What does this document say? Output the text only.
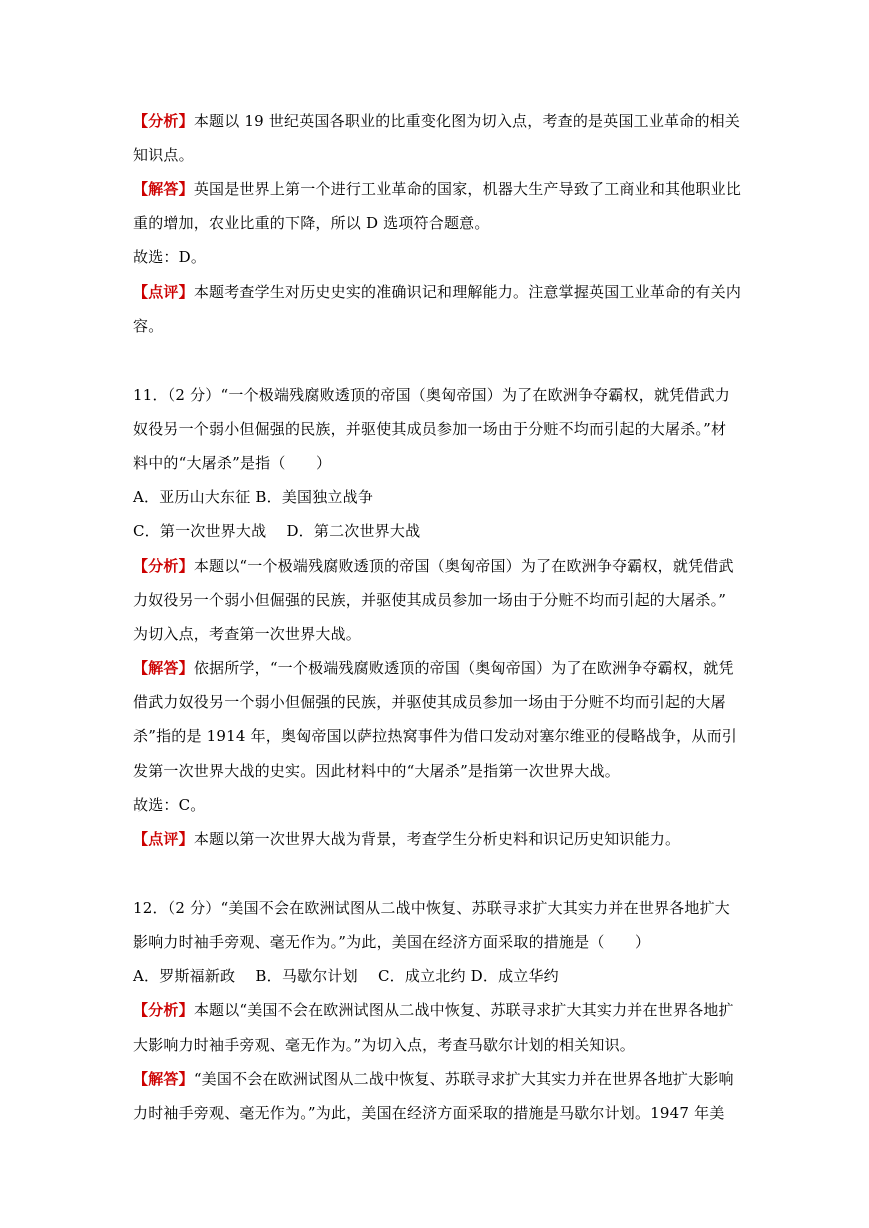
【分析】本题以 19 世纪英国各职业的比重变化图为切入点，考查的是英国工业革命的相关
知识点。
【解答】英国是世界上第一个进行工业革命的国家，机器大生产导致了工商业和其他职业比
重的增加，农业比重的下降，所以 D 选项符合题意。
故选：D。
【点评】本题考查学生对历史史实的准确识记和理解能力。注意掌握英国工业革命的有关内
容。
11．（2 分）“一个极端残腐败透顶的帝国（奥匈帝国）为了在欧洲争夺霸权，就凭借武力
奴役另一个弱小但倔强的民族，并驱使其成员参加一场由于分赃不均而引起的大屠杀。”材
料中的“大屠杀”是指（　　）
A．亚历山大东征 B．美国独立战争
C．第一次世界大战　 D．第二次世界大战
【分析】本题以“一个极端残腐败透顶的帝国（奥匈帝国）为了在欧洲争夺霸权，就凭借武
力奴役另一个弱小但倔强的民族，并驱使其成员参加一场由于分赃不均而引起的大屠杀。”
为切入点，考查第一次世界大战。
【解答】依据所学，“一个极端残腐败透顶的帝国（奥匈帝国）为了在欧洲争夺霸权，就凭
借武力奴役另一个弱小但倔强的民族，并驱使其成员参加一场由于分赃不均而引起的大屠
杀”指的是 1914 年，奥匈帝国以萨拉热窝事件为借口发动对塞尔维亚的侵略战争，从而引
发第一次世界大战的史实。因此材料中的“大屠杀”是指第一次世界大战。
故选：C。
【点评】本题以第一次世界大战为背景，考查学生分析史料和识记历史知识能力。
12．（2 分）“美国不会在欧洲试图从二战中恢复、苏联寻求扩大其实力并在世界各地扩大
影响力时袖手旁观、毫无作为。”为此，美国在经济方面采取的措施是（　　）
A．罗斯福新政　 B．马歇尔计划　 C．成立北约 D．成立华约
【分析】本题以“美国不会在欧洲试图从二战中恢复、苏联寻求扩大其实力并在世界各地扩
大影响力时袖手旁观、毫无作为。”为切入点，考查马歇尔计划的相关知识。
【解答】“美国不会在欧洲试图从二战中恢复、苏联寻求扩大其实力并在世界各地扩大影响
力时袖手旁观、毫无作为。”为此，美国在经济方面采取的措施是马歇尔计划。1947 年美
